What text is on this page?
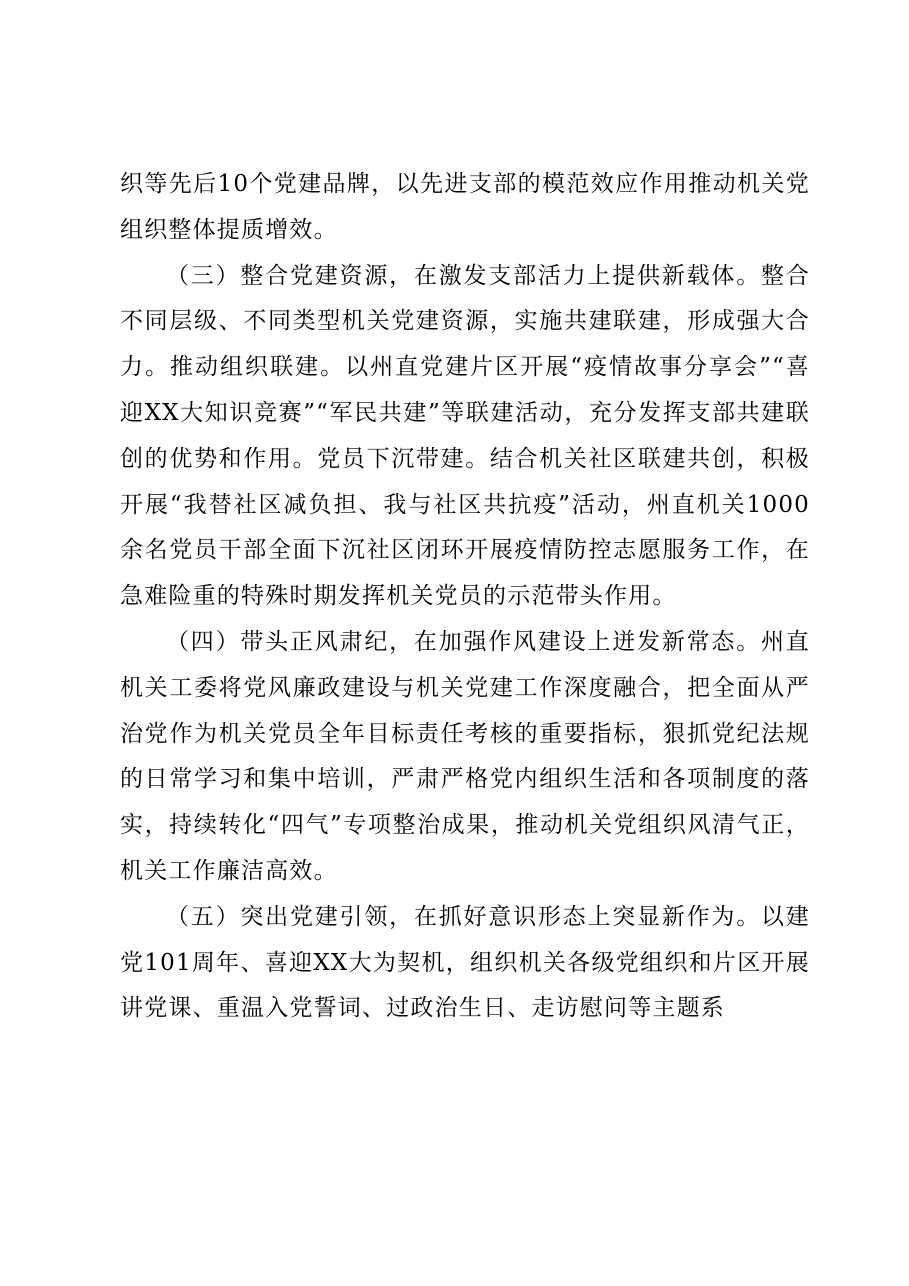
织等先后10个党建品牌，以先进支部的模范效应作用推动机关党组织整体提质增效。

（三）整合党建资源，在激发支部活力上提供新载体。整合不同层级、不同类型机关党建资源，实施共建联建，形成强大合力。推动组织联建。以州直党建片区开展“疫情故事分享会”“喜迎XX大知识竞赛”“军民共建”等联建活动，充分发挥支部共建联创的优势和作用。党员下沉带建。结合机关社区联建共创，积极开展“我替社区减负担、我与社区共抗疫”活动，州直机关1000余名党员干部全面下沉社区闭环开展疫情防控志愿服务工作，在急难险重的特殊时期发挥机关党员的示范带头作用。

（四）带头正风肃纪，在加强作风建设上迸发新常态。州直机关工委将党风廉政建设与机关党建工作深度融合，把全面从严治党作为机关党员全年目标责任考核的重要指标，狠抓党纪法规的日常学习和集中培训，严肃严格党内组织生活和各项制度的落实，持续转化“四气”专项整治成果，推动机关党组织风清气正，机关工作廉洁高效。

（五）突出党建引领，在抓好意识形态上突显新作为。以建党101周年、喜迎XX大为契机，组织机关各级党组织和片区开展讲党课、重温入党誓词、过政治生日、走访慰问等主题系
